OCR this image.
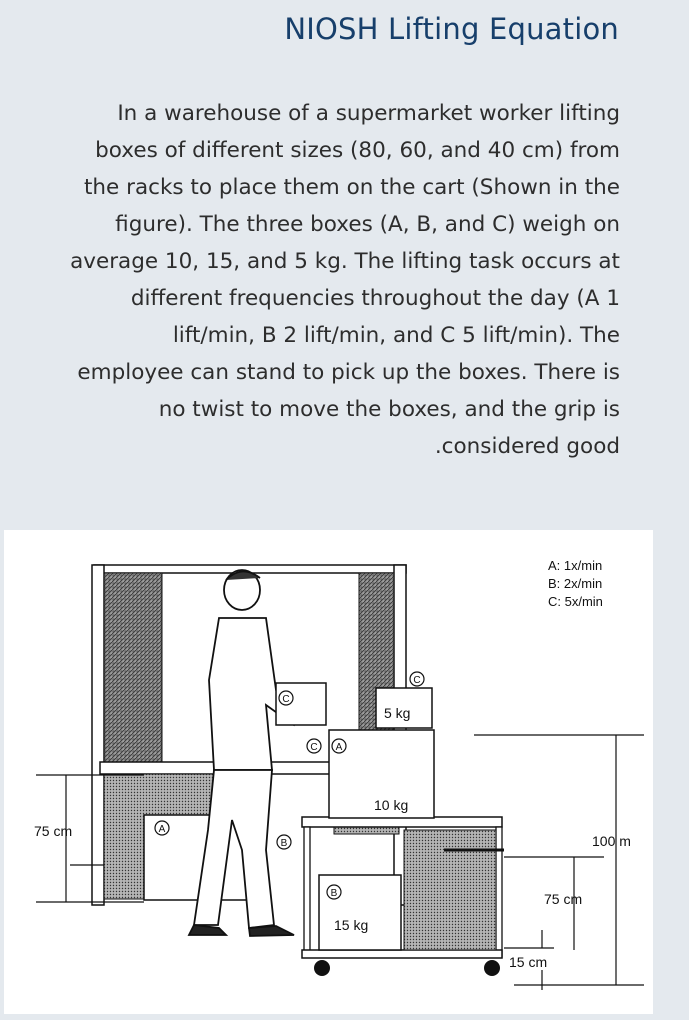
NIOSH Lifting Equation
In a warehouse of a supermarket worker lifting
boxes of different sizes (80, 60, and 40 cm) from
the racks to place them on the cart (Shown in the
figure). The three boxes (A, B, and C) weigh on
average 10, 15, and 5 kg. The lifting task occurs at
different frequencies throughout the day (A 1
lift/min, B 2 lift/min, and C 5 lift/min). The
employee can stand to pick up the boxes. There is
no twist to move the boxes, and the grip is
.considered good
C
C A
C
A
B
B
5 kg
10 kg
15 kg
A: 1x/min
B: 2x/min
C: 5x/min
75 cm
100 m
75 cm
15 cm
